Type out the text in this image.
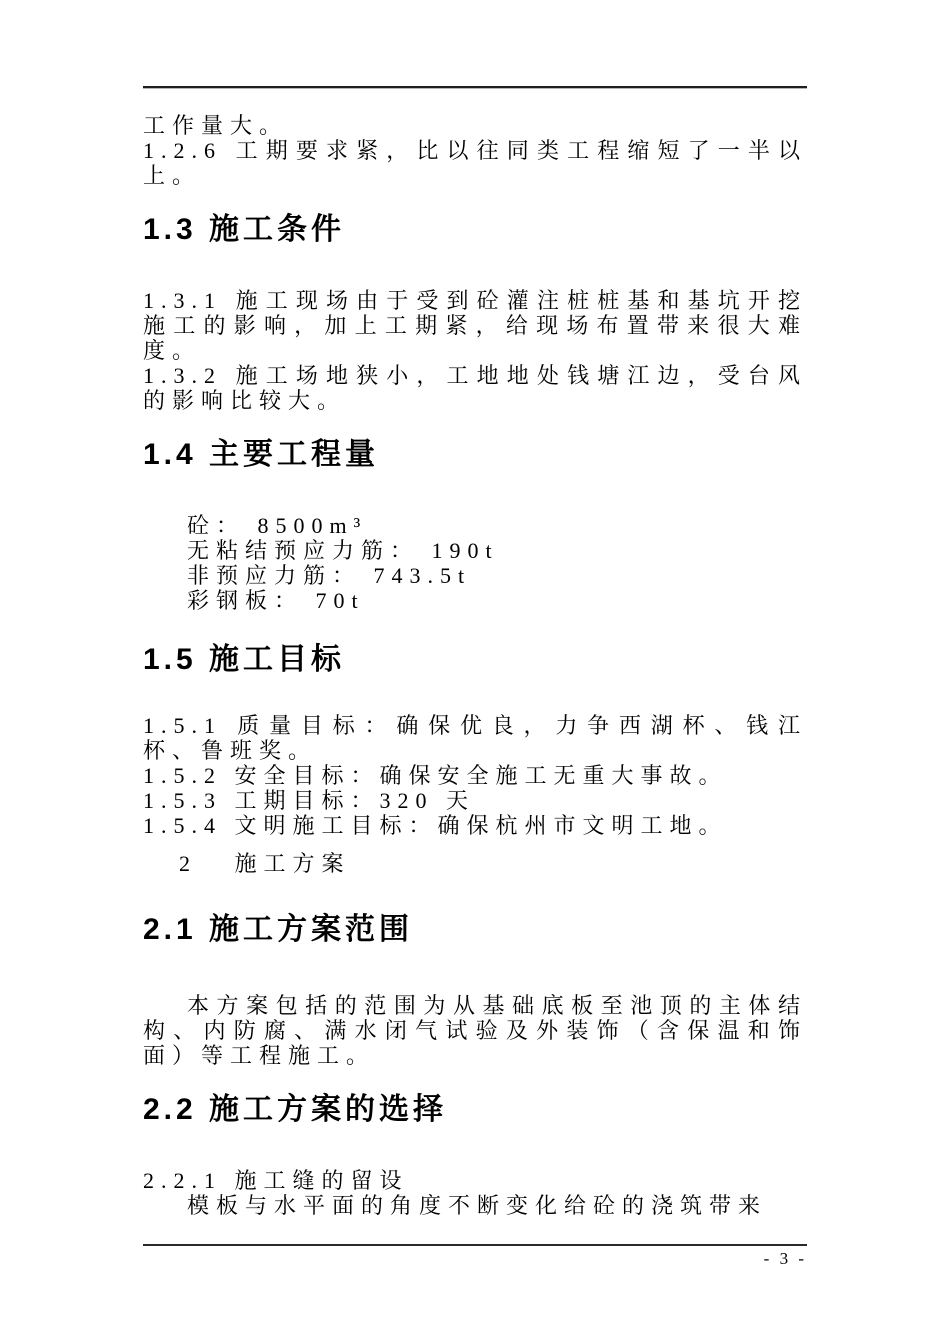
工作量大。

1.2.6 工期要求紧，比以往同类工程缩短了一半以上。

1.3 施工条件

1.3.1 施工现场由于受到砼灌注桩桩基和基坑开挖施工的影响，加上工期紧，给现场布置带来很大难度。

1.3.2 施工场地狭小，工地地处钱塘江边，受台风的影响比较大。

1.4 主要工程量
砼： 8500m³
无粘结预应力筋： 190t
非预应力筋： 743.5t
彩钢板： 70t
1.5 施工目标

1.5.1 质量目标：确保优良，力争西湖杯、钱江杯、鲁班奖。

1.5.2 安全目标：确保安全施工无重大事故。

1.5.3 工期目标：320 天

1.5.4 文明施工目标：确保杭州市文明工地。

2   施工方案
2.1 施工方案范围

本方案包括的范围为从基础底板至池顶的主体结构、内防腐、满水闭气试验及外装饰（含保温和饰面）等工程施工。

2.2 施工方案的选择

2.2.1 施工缝的留设

模板与水平面的角度不断变化给砼的浇筑带来

- 3 -
